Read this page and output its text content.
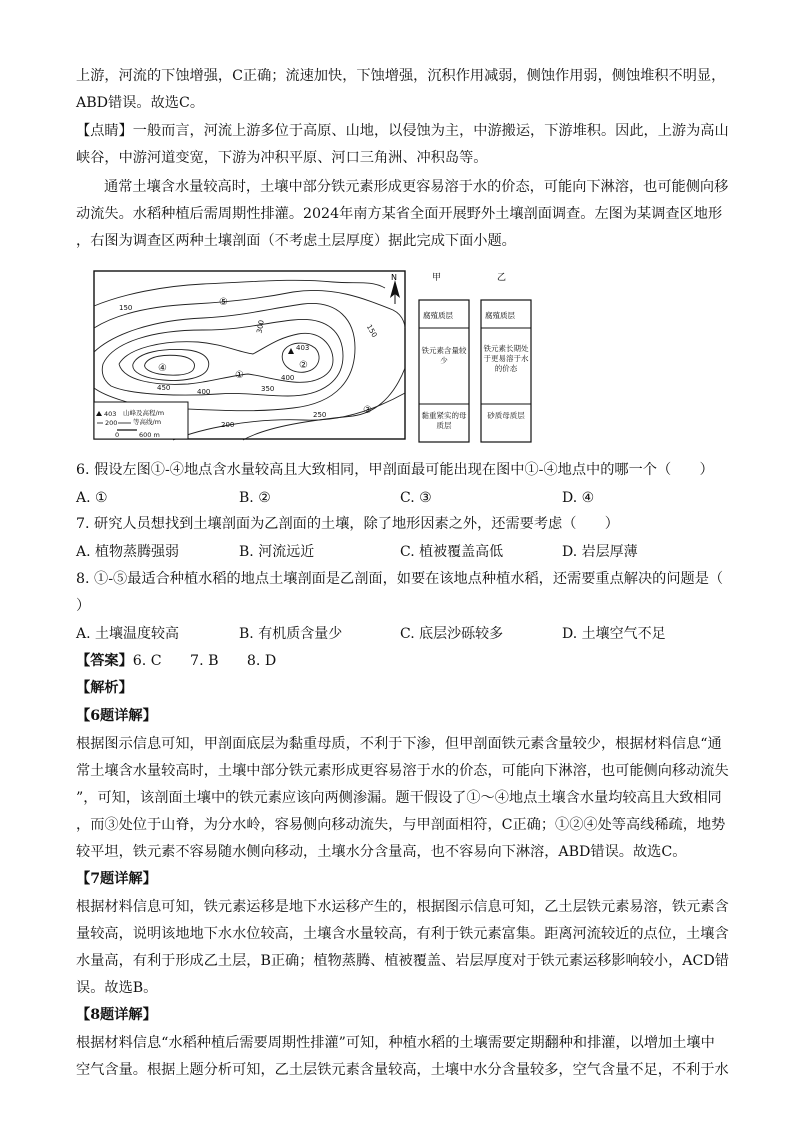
上游，河流的下蚀增强，C正确；流速加快，下蚀增强，沉积作用减弱，侧蚀作用弱，侧蚀堆积不明显，
ABD错误。故选C。
【点睛】一般而言，河流上游多位于高原、山地，以侵蚀为主，中游搬运，下游堆积。因此，上游为高山
峡谷，中游河道变宽，下游为冲积平原、河口三角洲、冲积岛等。
通常土壤含水量较高时，土壤中部分铁元素形成更容易溶于水的价态，可能向下淋溶，也可能侧向移
动流失。水稻种植后需周期性排灌。2024年南方某省全面开展野外土壤剖面调查。左图为某调查区地形
，右图为调查区两种土壤剖面（不考虑土层厚度）据此完成下面小题。
N
150
300
403
400
350
450	400
250
200
150
①
②
③
④
⑤
403 山峰及高程/m
200 等高线/m
0	600 m
甲
腐殖质层
铁元素含量较少
黏重紧实的母质层
乙
腐殖质层
铁元素长期处于更易溶于水的价态
砂质母质层
6. 假设左图①-④地点含水量较高且大致相同，甲剖面最可能出现在图中①-④地点中的哪一个（　　）
A. ①	B. ②	C. ③	D. ④
7. 研究人员想找到土壤剖面为乙剖面的土壤，除了地形因素之外，还需要考虑（　　）
A. 植物蒸腾强弱	B. 河流远近	C. 植被覆盖高低	D. 岩层厚薄
8. ①-⑤最适合种植水稻的地点土壤剖面是乙剖面，如要在该地点种植水稻，还需要重点解决的问题是（
）
A. 土壤温度较高	B. 有机质含量少	C. 底层沙砾较多	D. 土壤空气不足
【答案】6. C　　7. B　　8. D
【解析】
【6题详解】
根据图示信息可知，甲剖面底层为黏重母质，不利于下渗，但甲剖面铁元素含量较少，根据材料信息“通
常土壤含水量较高时，土壤中部分铁元素形成更容易溶于水的价态，可能向下淋溶，也可能侧向移动流失
”，可知，该剖面土壤中的铁元素应该向两侧渗漏。题干假设了①～④地点土壤含水量均较高且大致相同
，而③处位于山脊，为分水岭，容易侧向移动流失，与甲剖面相符，C正确；①②④处等高线稀疏，地势
较平坦，铁元素不容易随水侧向移动，土壤水分含量高，也不容易向下淋溶，ABD错误。故选C。
【7题详解】
根据材料信息可知，铁元素运移是地下水运移产生的，根据图示信息可知，乙土层铁元素易溶，铁元素含
量较高，说明该地地下水水位较高，土壤含水量较高，有利于铁元素富集。距离河流较近的点位，土壤含
水量高，有利于形成乙土层，B正确；植物蒸腾、植被覆盖、岩层厚度对于铁元素运移影响较小，ACD错
误。故选B。
【8题详解】
根据材料信息“水稻种植后需要周期性排灌”可知，种植水稻的土壤需要定期翻种和排灌，以增加土壤中
空气含量。根据上题分析可知，乙土层铁元素含量较高，土壤中水分含量较多，空气含量不足，不利于水
